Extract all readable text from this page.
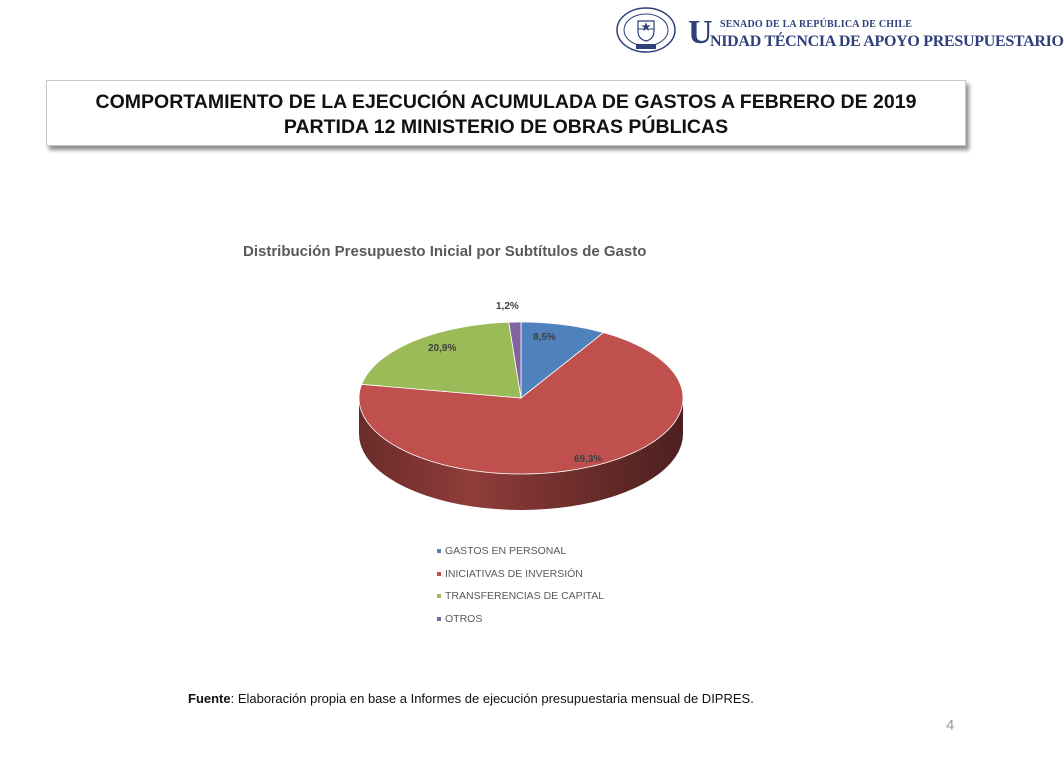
U SENADO DE LA REPÚBLICA DE CHILE
NIDAD TÉCNCIA DE APOYO PRESUPUESTARIO
COMPORTAMIENTO DE LA EJECUCIÓN ACUMULADA DE GASTOS A FEBRERO DE 2019
PARTIDA 12 MINISTERIO DE OBRAS PÚBLICAS
Distribución Presupuesto Inicial por Subtítulos de Gasto
8,5%
69,3%
20,9%
1,2%
GASTOS EN PERSONAL
INICIATIVAS DE INVERSIÓN
TRANSFERENCIAS DE CAPITAL
OTROS
Fuente: Elaboración propia en base a Informes de ejecución presupuestaria mensual de DIPRES.
4
